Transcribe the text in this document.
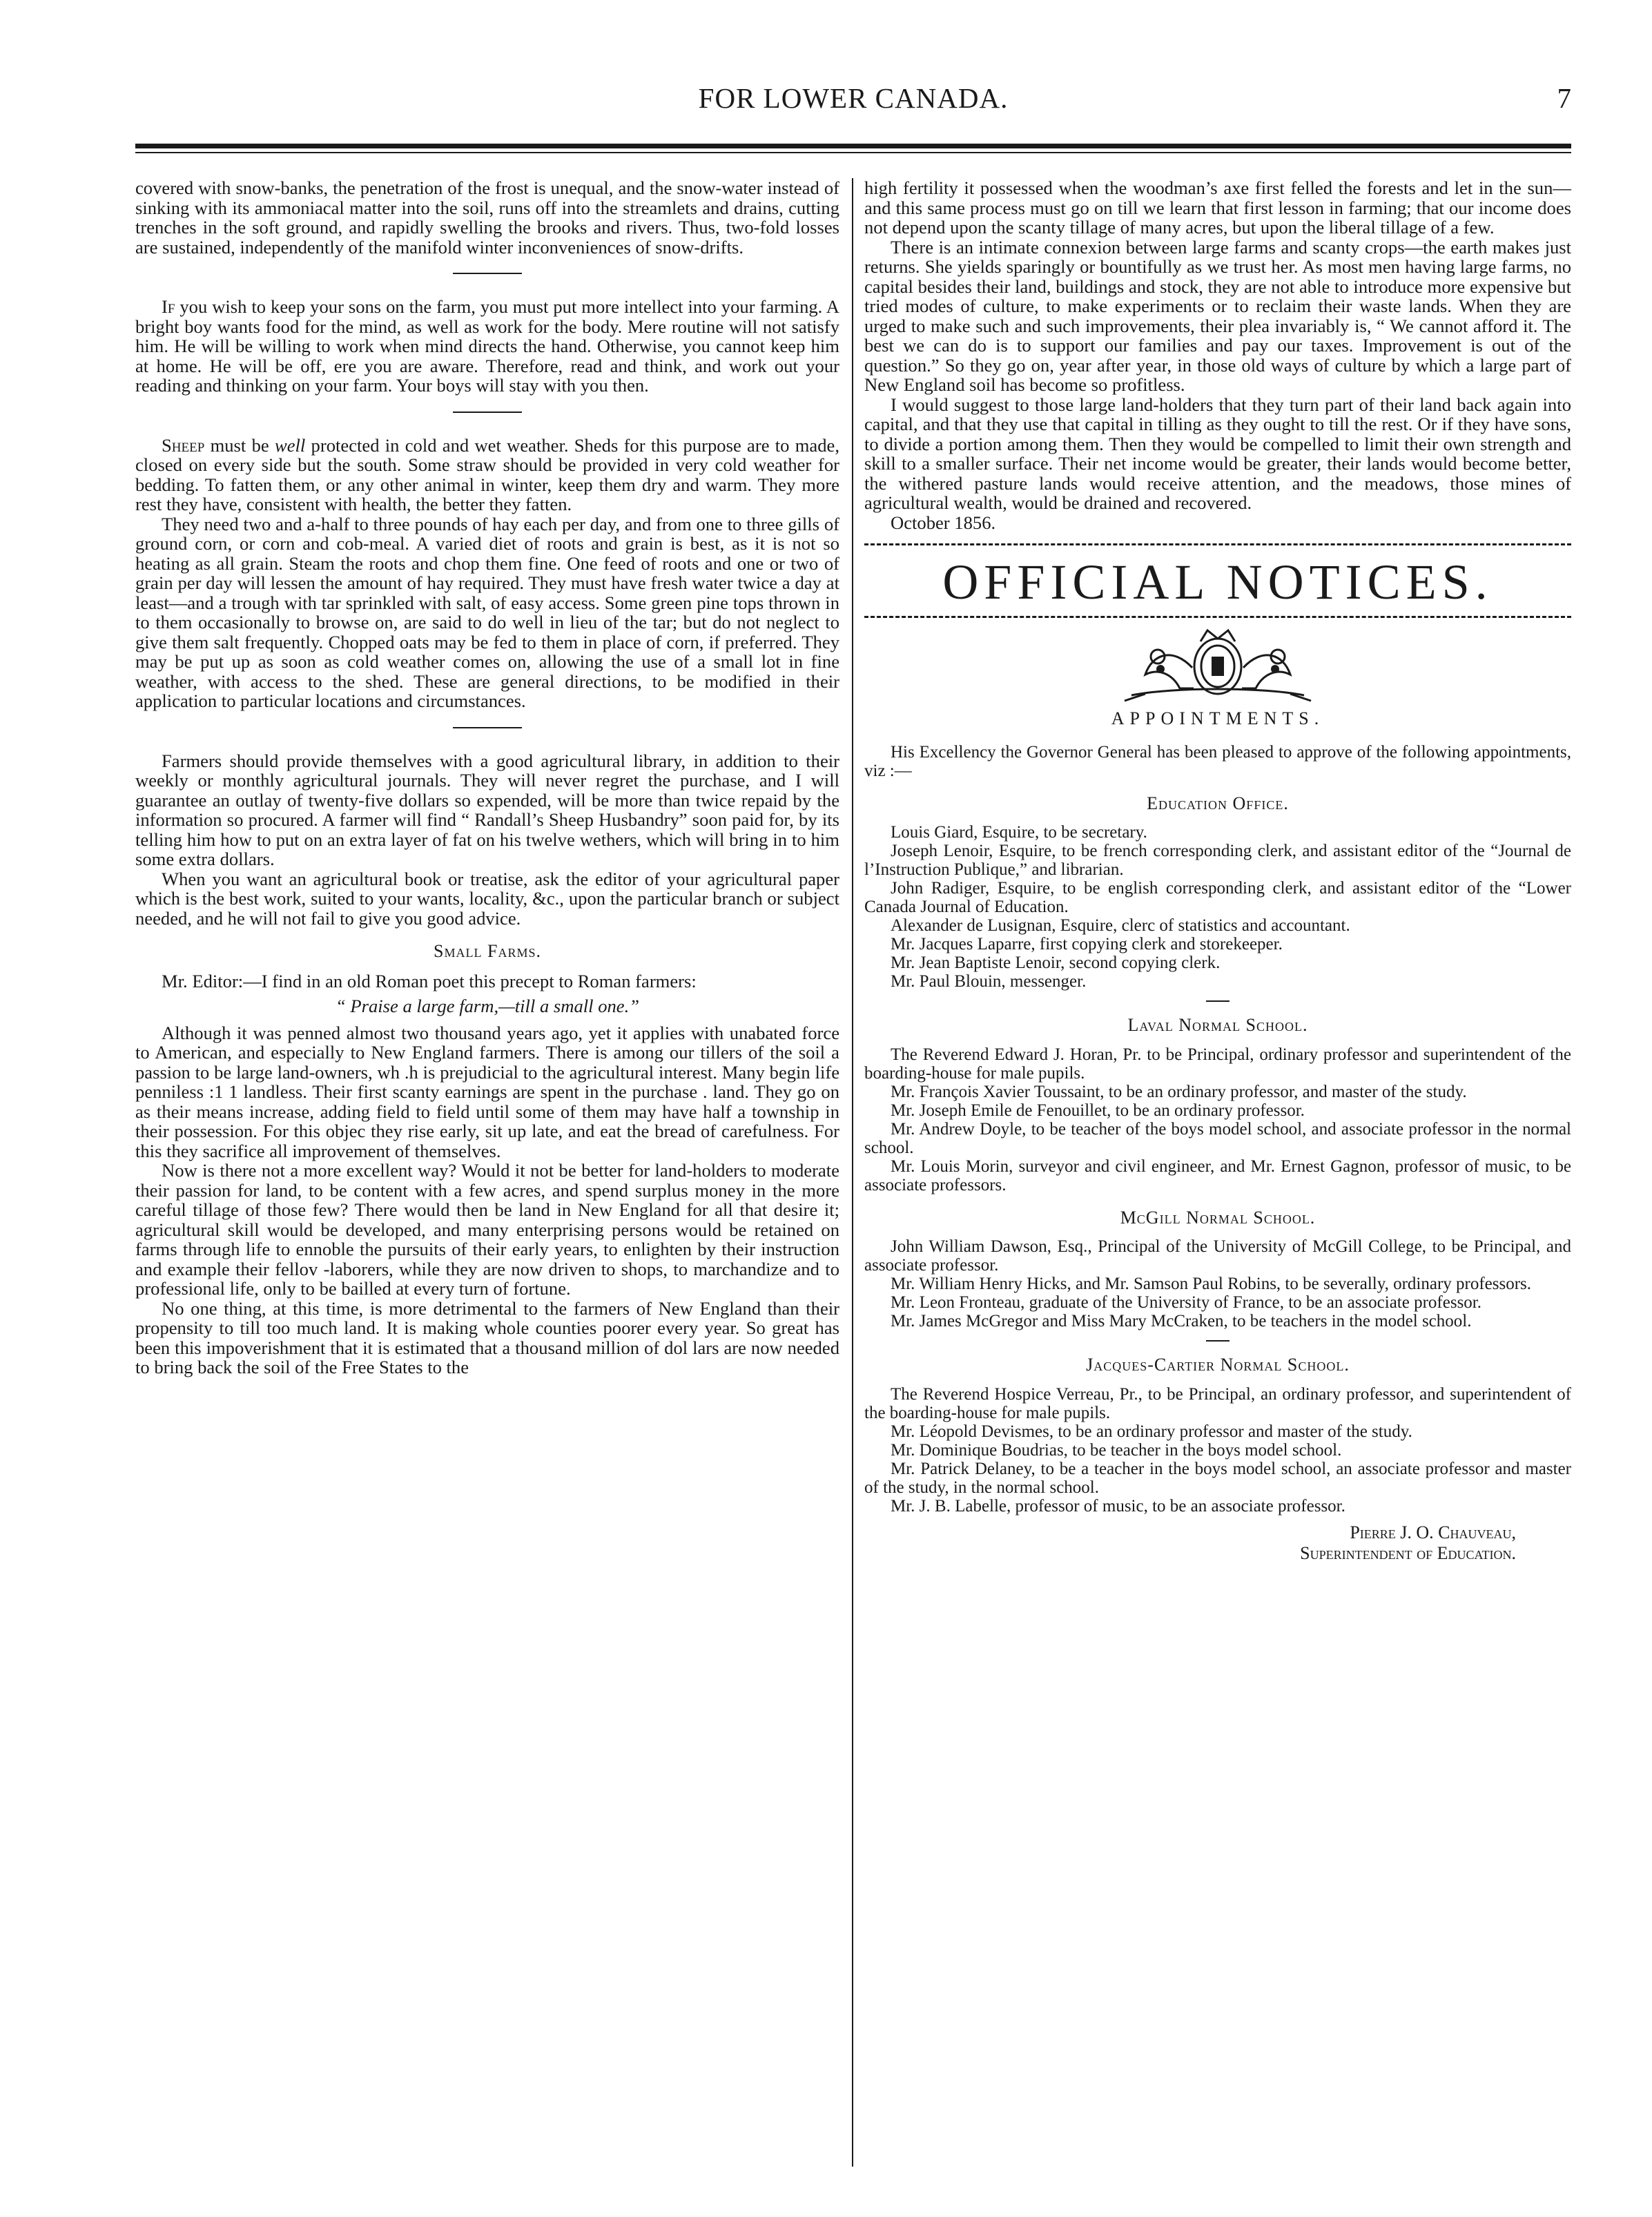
FOR LOWER CANADA.	7

covered with snow-banks, the penetration of the frost is unequal, and the snow-water instead of sinking with its ammoniacal matter into the soil, runs off into the streamlets and drains, cutting trenches in the soft ground, and rapidly swelling the brooks and rivers. Thus, two-fold losses are sustained, independently of the manifold winter inconveniences of snow-drifts.

If you wish to keep your sons on the farm, you must put more intellect into your farming. A bright boy wants food for the mind, as well as work for the body. Mere routine will not satisfy him. He will be willing to work when mind directs the hand. Otherwise, you cannot keep him at home. He will be off, ere you are aware. Therefore, read and think, and work out your reading and thinking on your farm. Your boys will stay with you then.

Sheep must be well protected in cold and wet weather. Sheds for this purpose are to made, closed on every side but the south. Some straw should be provided in very cold weather for bedding. To fatten them, or any other animal in winter, keep them dry and warm. They more rest they have, consistent with health, the better they fatten.

They need two and a-half to three pounds of hay each per day, and from one to three gills of ground corn, or corn and cob-meal. A varied diet of roots and grain is best, as it is not so heating as all grain. Steam the roots and chop them fine. One feed of roots and one or two of grain per day will lessen the amount of hay required. They must have fresh water twice a day at least—and a trough with tar sprinkled with salt, of easy access. Some green pine tops thrown in to them occasionally to browse on, are said to do well in lieu of the tar; but do not neglect to give them salt frequently. Chopped oats may be fed to them in place of corn, if preferred. They may be put up as soon as cold weather comes on, allowing the use of a small lot in fine weather, with access to the shed. These are general directions, to be modified in their application to particular locations and circumstances.

Farmers should provide themselves with a good agricultural library, in addition to their weekly or monthly agricultural journals. They will never regret the purchase, and I will guarantee an outlay of twenty-five dollars so expended, will be more than twice repaid by the information so procured. A farmer will find “ Randall’s Sheep Husbandry” soon paid for, by its telling him how to put on an extra layer of fat on his twelve wethers, which will bring in to him some extra dollars.

When you want an agricultural book or treatise, ask the editor of your agricultural paper which is the best work, suited to your wants, locality, &c., upon the particular branch or subject needed, and he will not fail to give you good advice.

Small Farms.

Mr. Editor:—I find in an old Roman poet this precept to Roman farmers:

“ Praise a large farm,—till a small one.”

Although it was penned almost two thousand years ago, yet it applies with unabated force to American, and especially to New England farmers. There is among our tillers of the soil a passion to be large land-owners, wh .h is prejudicial to the agricultural interest. Many begin life penniless :1 1 landless. Their first scanty earnings are spent in the purchase . land. They go on as their means increase, adding field to field until some of them may have half a township in their possession. For this objec they rise early, sit up late, and eat the bread of carefulness. For this they sacrifice all improvement of themselves.

Now is there not a more excellent way? Would it not be better for land-holders to moderate their passion for land, to be content with a few acres, and spend surplus money in the more careful tillage of those few? There would then be land in New England for all that desire it; agricultural skill would be developed, and many enterprising persons would be retained on farms through life to ennoble the pursuits of their early years, to enlighten by their instruction and example their fellov -laborers, while they are now driven to shops, to marchandize and to professional life, only to be bailled at every turn of fortune.

No one thing, at this time, is more detrimental to the farmers of New England than their propensity to till too much land. It is making whole counties poorer every year. So great has been this impoverishment that it is estimated that a thousand million of dol lars are now needed to bring back the soil of the Free States to the

high fertility it possessed when the woodman’s axe first felled the forests and let in the sun—and this same process must go on till we learn that first lesson in farming; that our income does not depend upon the scanty tillage of many acres, but upon the liberal tillage of a few.

There is an intimate connexion between large farms and scanty crops—the earth makes just returns. She yields sparingly or bountifully as we trust her. As most men having large farms, no capital besides their land, buildings and stock, they are not able to introduce more expensive but tried modes of culture, to make experiments or to reclaim their waste lands. When they are urged to make such and such improvements, their plea invariably is, “ We cannot afford it. The best we can do is to support our families and pay our taxes. Improvement is out of the question.” So they go on, year after year, in those old ways of culture by which a large part of New England soil has become so profitless.

I would suggest to those large land-holders that they turn part of their land back again into capital, and that they use that capital in tilling as they ought to till the rest. Or if they have sons, to divide a portion among them. Then they would be compelled to limit their own strength and skill to a smaller surface. Their net income would be greater, their lands would become better, the withered pasture lands would receive attention, and the meadows, those mines of agricultural wealth, would be drained and recovered.

October 1856.

OFFICIAL NOTICES.
APPOINTMENTS.

His Excellency the Governor General has been pleased to approve of the following appointments, viz :—

Education Office.

Louis Giard, Esquire, to be secretary.

Joseph Lenoir, Esquire, to be french corresponding clerk, and assistant editor of the “Journal de l’Instruction Publique,” and librarian.

John Radiger, Esquire, to be english corresponding clerk, and assistant editor of the “Lower Canada Journal of Education.

Alexander de Lusignan, Esquire, clerc of statistics and accountant.

Mr. Jacques Laparre, first copying clerk and storekeeper.

Mr. Jean Baptiste Lenoir, second copying clerk.

Mr. Paul Blouin, messenger.

Laval Normal School.

The Reverend Edward J. Horan, Pr. to be Principal, ordinary professor and superintendent of the boarding-house for male pupils.

Mr. François Xavier Toussaint, to be an ordinary professor, and master of the study.

Mr. Joseph Emile de Fenouillet, to be an ordinary professor.

Mr. Andrew Doyle, to be teacher of the boys model school, and associate professor in the normal school.

Mr. Louis Morin, surveyor and civil engineer, and Mr. Ernest Gagnon, professor of music, to be associate professors.

McGill Normal School.

John William Dawson, Esq., Principal of the University of McGill College, to be Principal, and associate professor.

Mr. William Henry Hicks, and Mr. Samson Paul Robins, to be severally, ordinary professors.

Mr. Leon Fronteau, graduate of the University of France, to be an associate professor.

Mr. James McGregor and Miss Mary McCraken, to be teachers in the model school.

Jacques-Cartier Normal School.

The Reverend Hospice Verreau, Pr., to be Principal, an ordinary professor, and superintendent of the boarding-house for male pupils.

Mr. Léopold Devismes, to be an ordinary professor and master of the study.

Mr. Dominique Boudrias, to be teacher in the boys model school.

Mr. Patrick Delaney, to be a teacher in the boys model school, an associate professor and master of the study, in the normal school.

Mr. J. B. Labelle, professor of music, to be an associate professor.

Pierre J. O. Chauveau,
Superintendent of Education.
